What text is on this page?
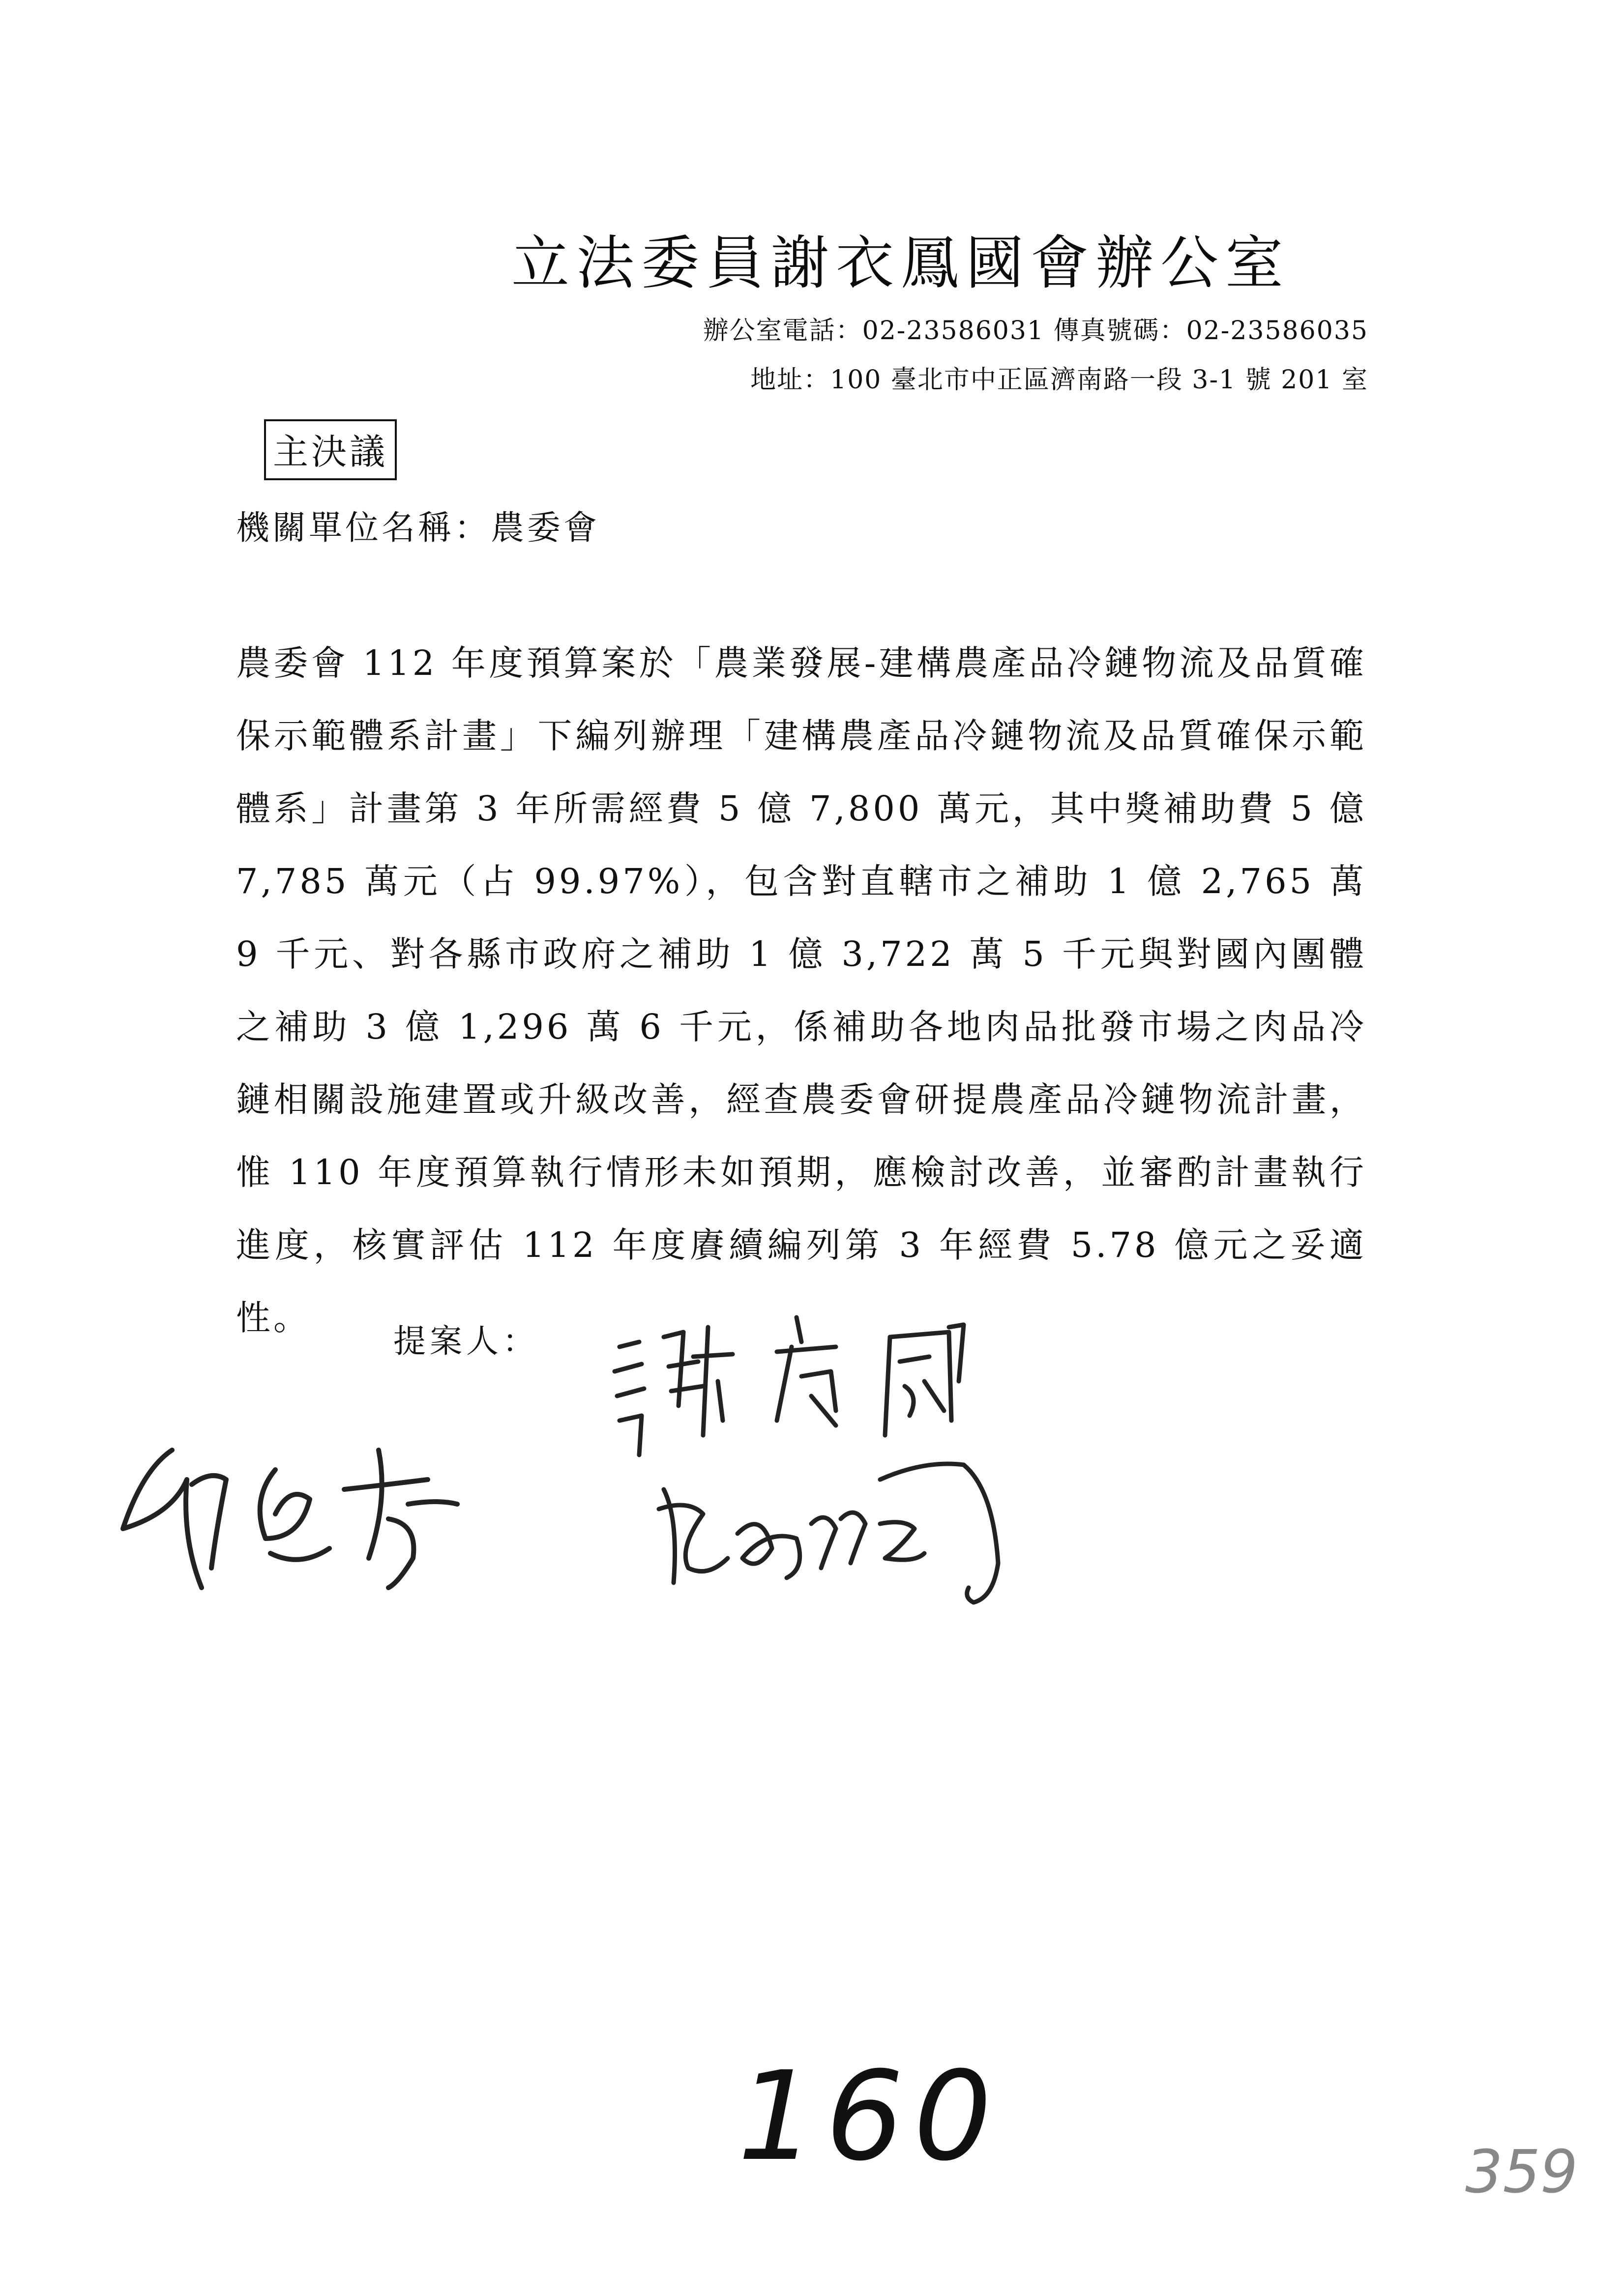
立法委員謝衣鳳國會辦公室
辦公室電話：02-23586031 傳真號碼：02-23586035
地址：100 臺北市中正區濟南路一段 3-1 號 201 室
主決議
機關單位名稱：農委會
農委會 112 年度預算案於「農業發展-建構農產品冷鏈物流及品質確保示範體系計畫」下編列辦理「建構農產品冷鏈物流及品質確保示範體系」計畫第 3 年所需經費 5 億 7,800 萬元，其中獎補助費 5 億 7,785 萬元（占 99.97%），包含對直轄市之補助 1 億 2,765 萬 9 千元、對各縣市政府之補助 1 億 3,722 萬 5 千元與對國內團體之補助 3 億 1,296 萬 6 千元，係補助各地肉品批發市場之肉品冷鏈相關設施建置或升級改善，經查農委會研提農產品冷鏈物流計畫，惟 110 年度預算執行情形未如預期，應檢討改善，並審酌計畫執行進度，核實評估 112 年度賡續編列第 3 年經費 5.78 億元之妥適性。
提案人：
160	359
